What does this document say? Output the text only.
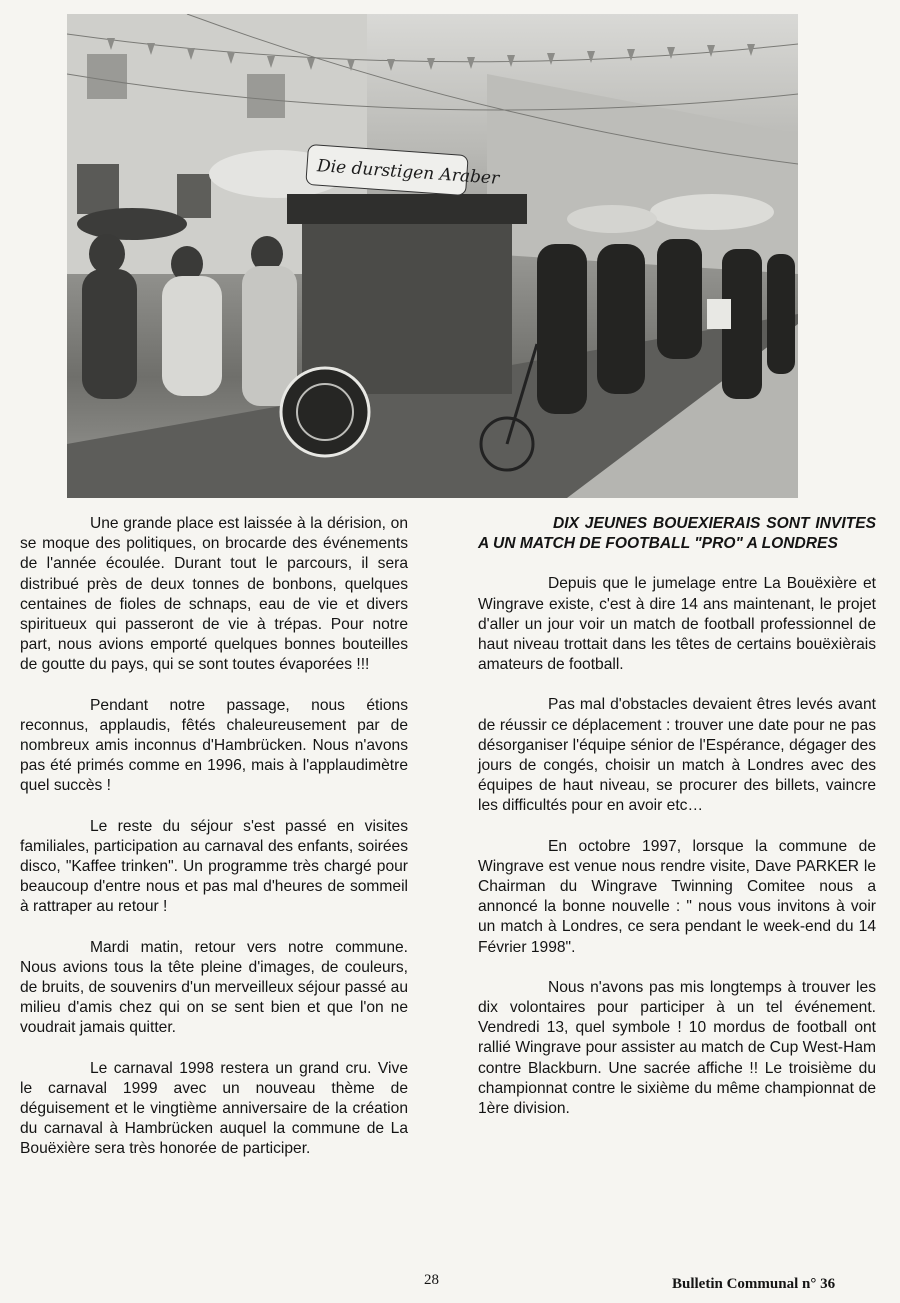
Die durstigen Araber

Une grande place est laissée à la dérision, on se moque des politiques, on brocarde des événements de l'année écoulée. Durant tout le parcours, il sera distribué près de deux tonnes de bonbons, quelques centaines de fioles de schnaps, eau de vie et divers spiritueux qui passeront de vie à trépas. Pour notre part, nous avions emporté quelques bonnes bouteilles de goutte du pays, qui se sont toutes évaporées !!!

Pendant notre passage, nous étions reconnus, applaudis, fêtés chaleureusement par de nombreux amis inconnus d'Hambrücken. Nous n'avons pas été primés comme en 1996, mais à l'applaudimètre quel succès !

Le reste du séjour s'est passé en visites familiales, participation au carnaval des enfants, soirées disco, "Kaffee trinken". Un programme très chargé pour beaucoup d'entre nous et pas mal d'heures de sommeil à rattraper au retour !

Mardi matin, retour vers notre commune. Nous avions tous la tête pleine d'images, de couleurs, de bruits, de souvenirs d'un merveilleux séjour passé au milieu d'amis chez qui on se sent bien et que l'on ne voudrait jamais quitter.

Le carnaval 1998 restera un grand cru. Vive le carnaval 1999 avec un nouveau thème de déguisement et le vingtième anniversaire de la création du carnaval à Hambrücken auquel la commune de La Bouëxière sera très honorée de participer.

DIX JEUNES BOUEXIERAIS SONT INVITES A UN MATCH DE FOOTBALL "PRO" A LONDRES

Depuis que le jumelage entre La Bouëxière et Wingrave existe, c'est à dire 14 ans maintenant, le projet d'aller un jour voir un match de football professionnel de haut niveau trottait dans les têtes de certains bouëxièrais amateurs de football.

Pas mal d'obstacles devaient êtres levés avant de réussir ce déplacement : trouver une date pour ne pas désorganiser l'équipe sénior de l'Espérance, dégager des jours de congés, choisir un match à Londres avec des équipes de haut niveau, se procurer des billets, vaincre les difficultés pour en avoir etc…

En octobre 1997, lorsque la commune de Wingrave est venue nous rendre visite, Dave PARKER le Chairman du Wingrave Twinning Comitee nous a annoncé la bonne nouvelle : " nous vous invitons à voir un match à Londres, ce sera pendant le week-end du 14 Février 1998".

Nous n'avons pas mis longtemps à trouver les dix volontaires pour participer à un tel événement. Vendredi 13, quel symbole ! 10 mordus de football ont rallié Wingrave pour assister au match de Cup West-Ham contre Blackburn. Une sacrée affiche !! Le troisième du championnat contre le sixième du même championnat de 1ère division.

28	Bulletin Communal n° 36
